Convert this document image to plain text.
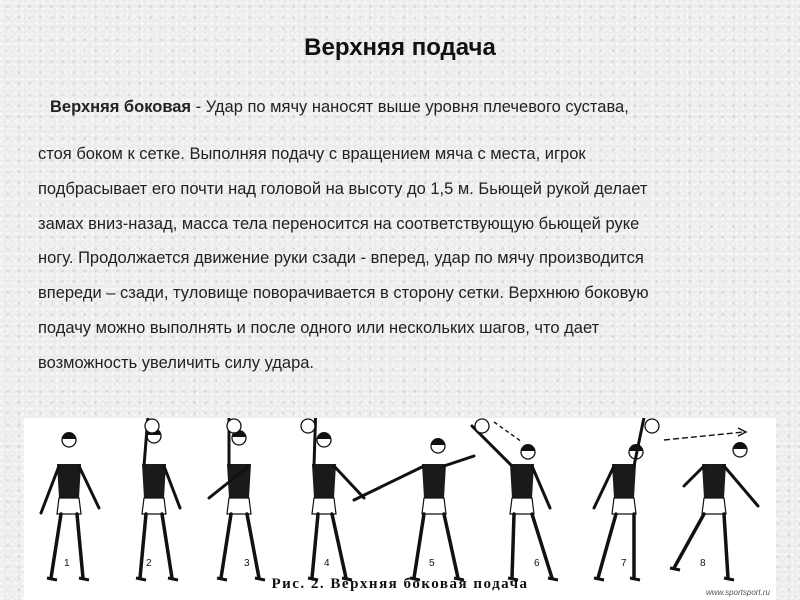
Верхняя подача
Верхняя боковая - Удар по мячу наносят выше уровня плечевого сустава,
стоя боком к сетке. Выполняя подачу с вращением мяча с места, игрок
подбрасывает его почти над головой на высоту до 1,5 м. Бьющей рукой делает
замах вниз-назад, масса тела переносится на соответствующую бьющей руке
ногу. Продолжается движение руки сзади - вперед, удар по мячу производится
впереди – сзади, туловище поворачивается в сторону сетки. Верхнюю боковую
подачу можно выполнять и после одного или нескольких шагов, что дает
возможность увеличить силу удара.
1	2	3	4	5	6	7	8
Рис. 2. Верхняя боковая подача
www.sportsport.ru
